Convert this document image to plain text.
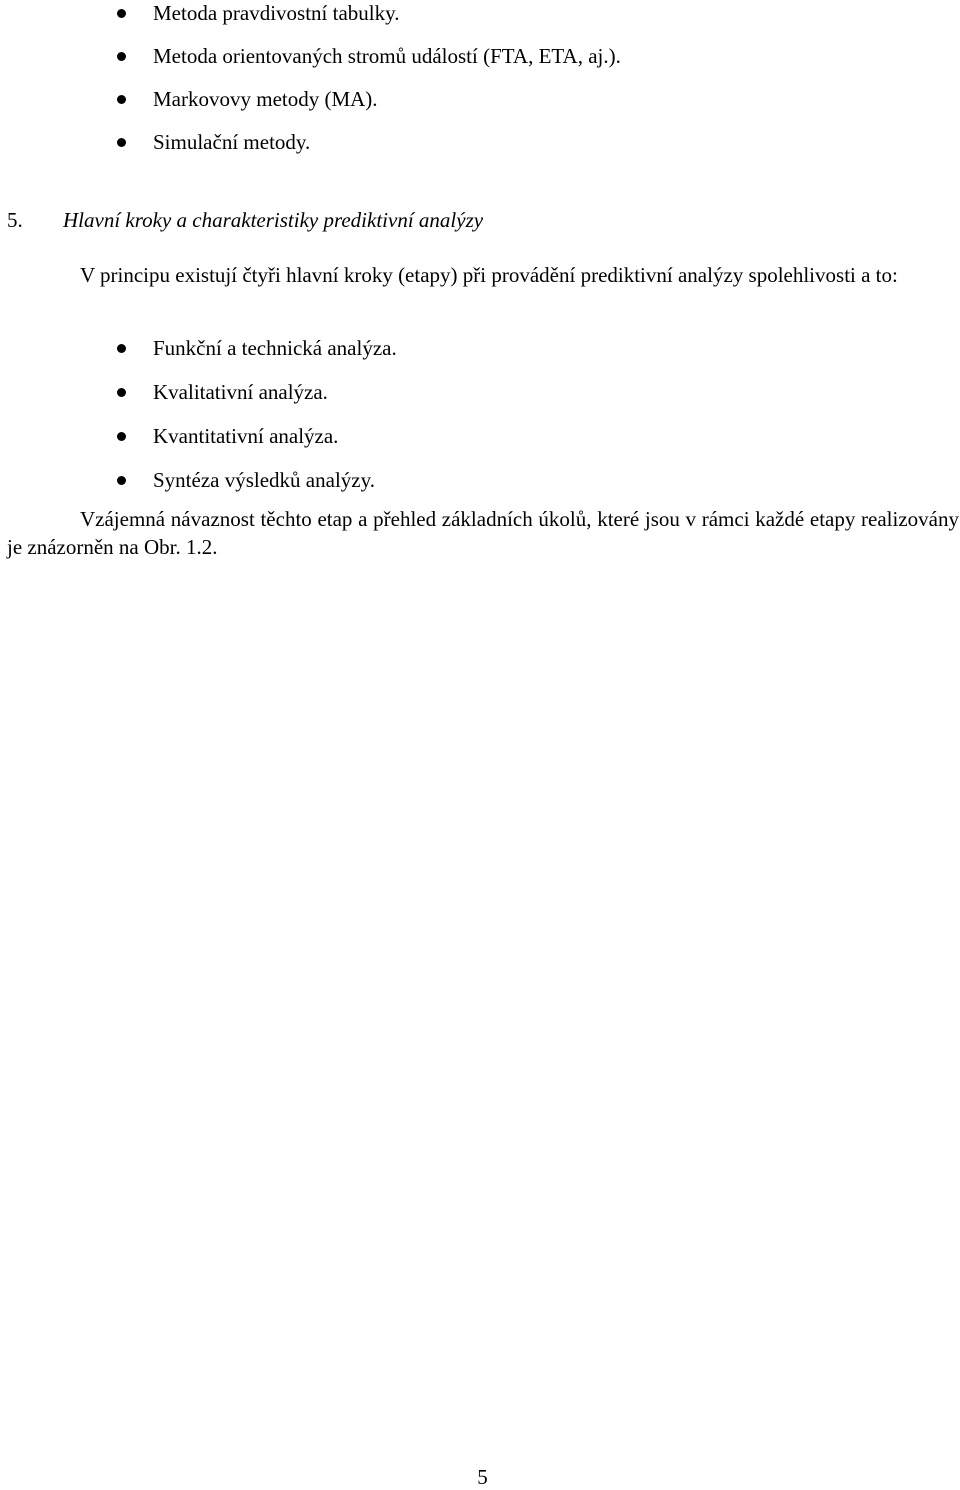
Metoda pravdivostní tabulky.
Metoda orientovaných stromů událostí (FTA, ETA, aj.).
Markovovy metody (MA).
Simulační metody.
5. Hlavní kroky a charakteristiky prediktivní analýzy

V principu existují čtyři hlavní kroky (etapy) při provádění prediktivní analýzy spolehlivosti a to:

Funkční a technická analýza.
Kvalitativní analýza.
Kvantitativní analýza.
Syntéza výsledků analýzy.

Vzájemná návaznost těchto etap a přehled základních úkolů, které jsou v rámci každé etapy realizovány je znázorněn na Obr. 1.2.

5
